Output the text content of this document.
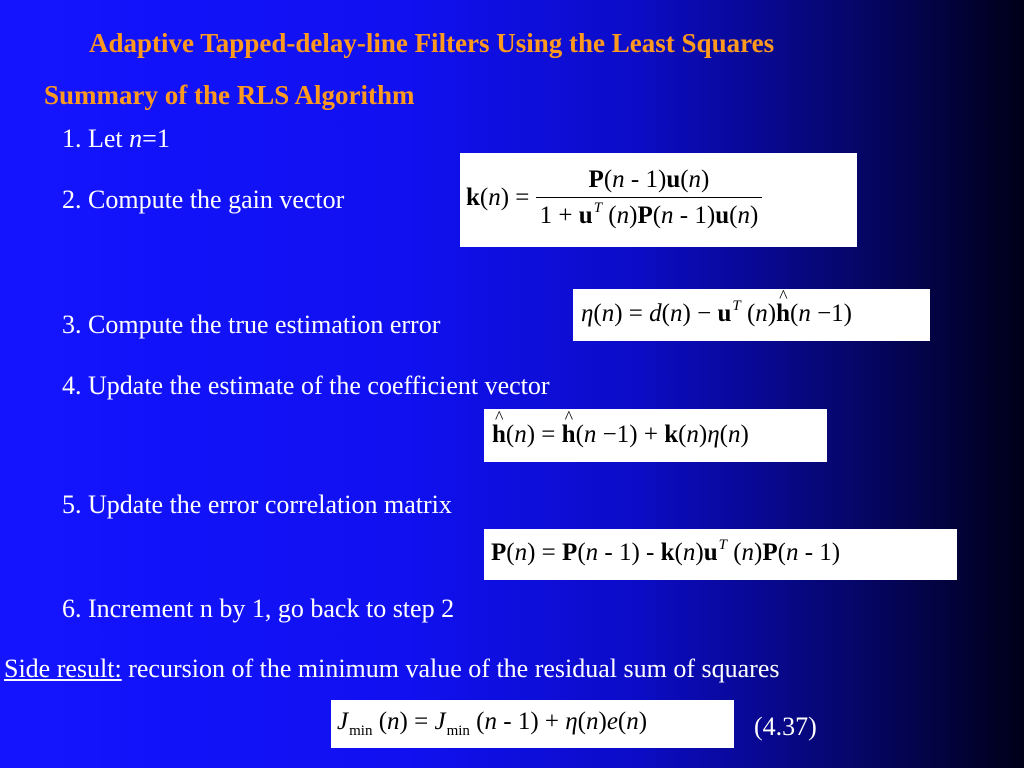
Adaptive Tapped-delay-line Filters Using the Least Squares
Summary of the RLS Algorithm
1. Let n=1
2. Compute the gain vector	k ( n ) = $\frac{P(n - 1)u(n)}{1 + u^T (n)P(n - 1)u(n)}$
3. Compute the true estimation error	$\eta(n) = d(n) - u^T$ (n)^ h(n −1)
4. Update the estimate of the coefficient vector
^ h(n) = ^ h(n −1) + k(n)η(n)
5. Update the error correlation matrix
$P(n) = P(n - 1) - k(n)u^T$ (n)P(n - 1)
6. Increment n by 1, go back to step 2
Side result: recursion of the minimum value of the residual sum of squares
$J_{min}$ $(n) = J_{min}$ (n - 1) + η(n)e(n)	(4.37)
